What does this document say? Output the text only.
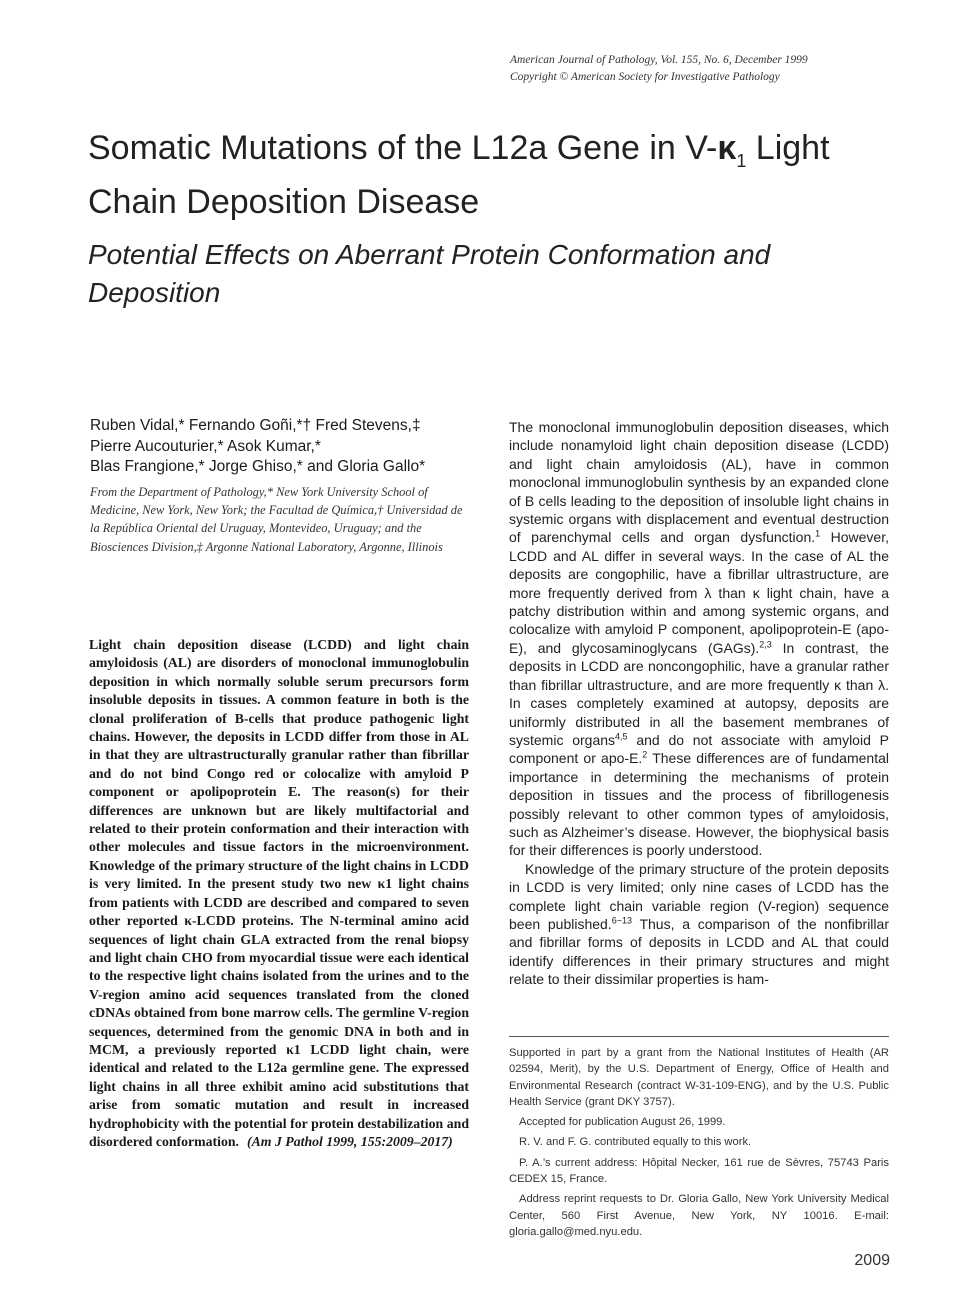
American Journal of Pathology, Vol. 155, No. 6, December 1999
Copyright © American Society for Investigative Pathology
Somatic Mutations of the L12a Gene in $V-\kappa_1$ Light Chain Deposition Disease
Potential Effects on Aberrant Protein Conformation and Deposition
Ruben Vidal,* Fernando Goñi,*† Fred Stevens,‡
Pierre Aucouturier,* Asok Kumar,*
Blas Frangione,* Jorge Ghiso,* and Gloria Gallo*
From the Department of Pathology,* New York University School of Medicine, New York, New York; the Facultad de Química,† Universidad de la República Oriental del Uruguay, Montevideo, Uruguay; and the Biosciences Division,‡ Argonne National Laboratory, Argonne, Illinois
Light chain deposition disease (LCDD) and light chain amyloidosis (AL) are disorders of monoclonal immunoglobulin deposition in which normally soluble serum precursors form insoluble deposits in tissues. A common feature in both is the clonal proliferation of B-cells that produce pathogenic light chains. However, the deposits in LCDD differ from those in AL in that they are ultrastructurally granular rather than fibrillar and do not bind Congo red or colocalize with amyloid P component or apolipoprotein E. The reason(s) for their differences are unknown but are likely multifactorial and related to their protein conformation and their interaction with other molecules and tissue factors in the microenvironment. Knowledge of the primary structure of the light chains in LCDD is very limited. In the present study two new κ1 light chains from patients with LCDD are described and compared to seven other reported κ-LCDD proteins. The N-terminal amino acid sequences of light chain GLA extracted from the renal biopsy and light chain CHO from myocardial tissue were each identical to the respective light chains isolated from the urines and to the V-region amino acid sequences translated from the cloned cDNAs obtained from bone marrow cells. The germline V-region sequences, determined from the genomic DNA in both and in MCM, a previously reported κ1 LCDD light chain, were identical and related to the L12a germline gene. The expressed light chains in all three exhibit amino acid substitutions that arise from somatic mutation and result in increased hydrophobicity with the potential for protein destabilization and disordered conformation. (Am J Pathol 1999, 155:2009–2017)

The monoclonal immunoglobulin deposition diseases, which include nonamyloid light chain deposition disease (LCDD) and light chain amyloidosis (AL), have in common monoclonal immunoglobulin synthesis by an expanded clone of B cells leading to the deposition of insoluble light chains in systemic organs with displacement and eventual destruction of parenchymal cells and organ dysfunction.$^1$ However, LCDD and AL differ in several ways. In the case of AL the deposits are congophilic, have a fibrillar ultrastructure, are more frequently derived from λ than κ light chain, have a patchy distribution within and among systemic organs, and colocalize with amyloid P component, apolipoprotein-E (apo-E), and glycosaminoglycans (GAGs).$^{2,3}$ In contrast, the deposits in LCDD are noncongophilic, have a granular rather than fibrillar ultrastructure, and are more frequently κ than λ. In cases completely examined at autopsy, deposits are uniformly distributed in all the basement membranes of systemic organs$^{4,5}$ and do not associate with amyloid P component or apo-E.$^2$ These differences are of fundamental importance in determining the mechanisms of protein deposition in tissues and the process of fibrillogenesis possibly relevant to other common types of amyloidosis, such as Alzheimer’s disease. However, the biophysical basis for their differences is poorly understood.

Knowledge of the primary structure of the protein deposits in LCDD is very limited; only nine cases of LCDD has the complete light chain variable region (V-region) sequence been published.$^{6-13}$ Thus, a comparison of the nonfibrillar and fibrillar forms of deposits in LCDD and AL that could identify differences in their primary structures and might relate to their dissimilar properties is ham-

Supported in part by a grant from the National Institutes of Health (AR 02594, Merit), by the U.S. Department of Energy, Office of Health and Environmental Research (contract W-31-109-ENG), and by the U.S. Public Health Service (grant DKY 3757).

Accepted for publication August 26, 1999.

R. V. and F. G. contributed equally to this work.

P. A.’s current address: Hôpital Necker, 161 rue de Sèvres, 75743 Paris CEDEX 15, France.

Address reprint requests to Dr. Gloria Gallo, New York University Medical Center, 560 First Avenue, New York, NY 10016. E-mail: gloria.gallo@med.nyu.edu.

2009
